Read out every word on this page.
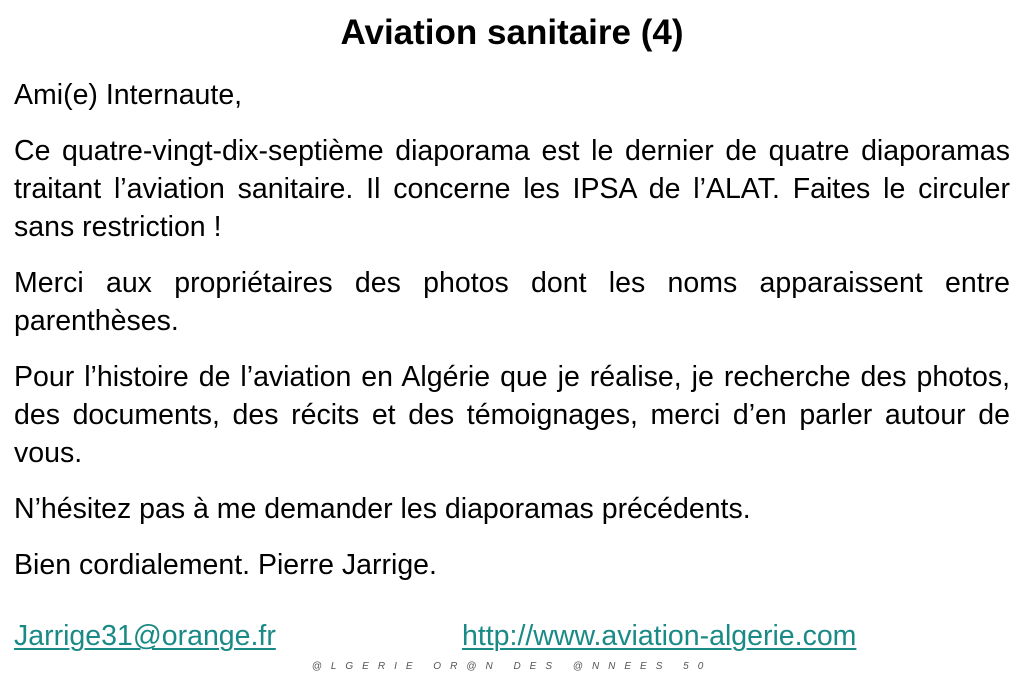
Aviation sanitaire (4)

Ami(e) Internaute,

Ce quatre-vingt-dix-septième diaporama est le dernier de quatre diaporamas traitant l’aviation sanitaire. Il concerne les IPSA de l’ALAT. Faites le circuler sans restriction !

Merci aux propriétaires des photos dont les noms apparaissent entre parenthèses.

Pour l’histoire de l’aviation en Algérie que je réalise, je recherche des photos, des documents, des récits et des témoignages, merci d’en parler autour de vous.

N’hésitez pas à me demander les diaporamas précédents.

Bien cordialement. Pierre Jarrige.

Jarrige31@orange.fr	http://www.aviation-algerie.com
@LGERIE OR@N DES @NNEES 50
